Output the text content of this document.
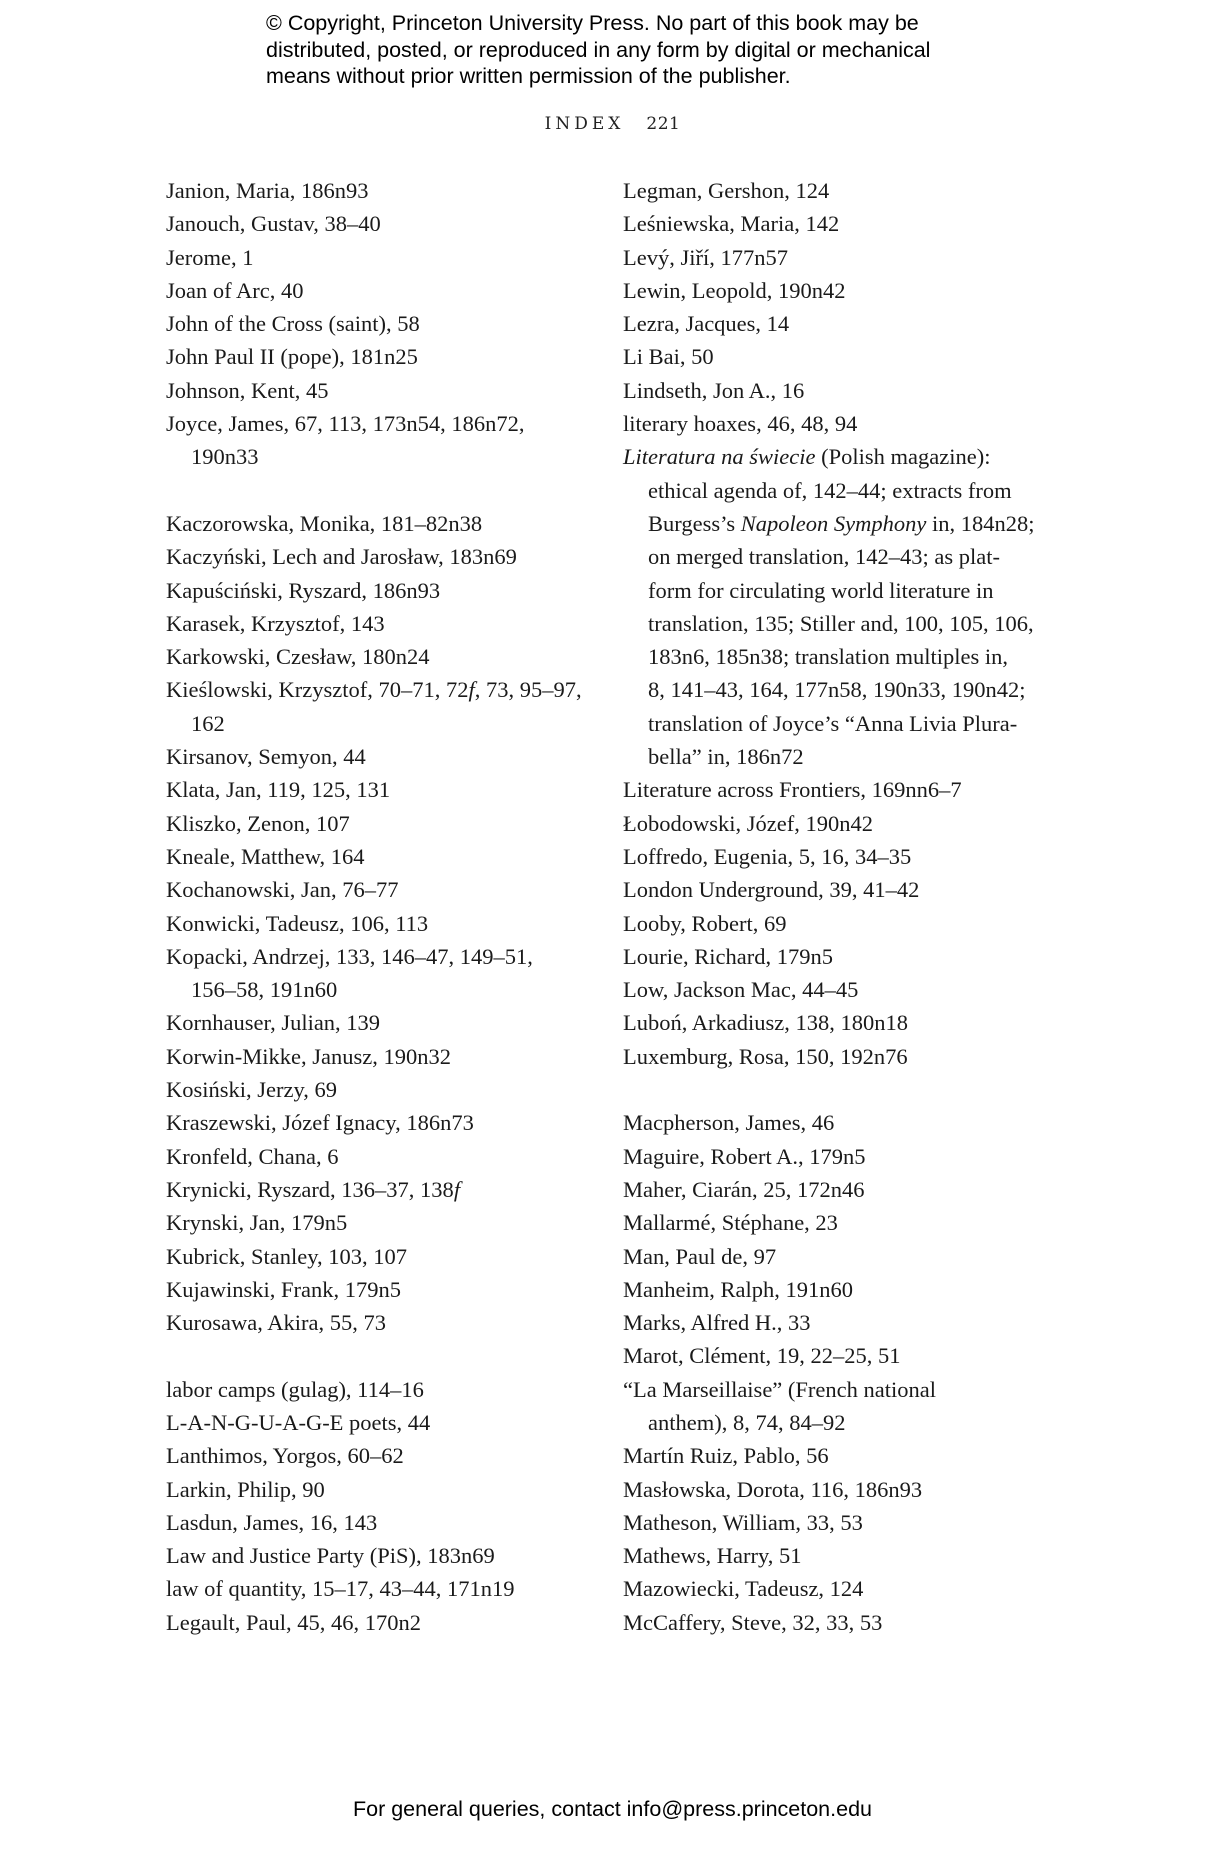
© Copyright, Princeton University Press. No part of this book may be
distributed, posted, or reproduced in any form by digital or mechanical
means without prior written permission of the publisher.
INDEX 221
Janion, Maria, 186n93
Janouch, Gustav, 38–40
Jerome, 1
Joan of Arc, 40
John of the Cross (saint), 58
John Paul II (pope), 181n25
Johnson, Kent, 45
Joyce, James, 67, 113, 173n54, 186n72,
190n33
Kaczorowska, Monika, 181–82n38
Kaczyński, Lech and Jarosław, 183n69
Kapuściński, Ryszard, 186n93
Karasek, Krzysztof, 143
Karkowski, Czesław, 180n24
Kieślowski, Krzysztof, 70–71, 72f, 73, 95–97,
162
Kirsanov, Semyon, 44
Klata, Jan, 119, 125, 131
Kliszko, Zenon, 107
Kneale, Matthew, 164
Kochanowski, Jan, 76–77
Konwicki, Tadeusz, 106, 113
Kopacki, Andrzej, 133, 146–47, 149–51,
156–58, 191n60
Kornhauser, Julian, 139
Korwin-Mikke, Janusz, 190n32
Kosiński, Jerzy, 69
Kraszewski, Józef Ignacy, 186n73
Kronfeld, Chana, 6
Krynicki, Ryszard, 136–37, 138f
Krynski, Jan, 179n5
Kubrick, Stanley, 103, 107
Kujawinski, Frank, 179n5
Kurosawa, Akira, 55, 73
labor camps (gulag), 114–16
L-A-N-G-U-A-G-E poets, 44
Lanthimos, Yorgos, 60–62
Larkin, Philip, 90
Lasdun, James, 16, 143
Law and Justice Party (PiS), 183n69
law of quantity, 15–17, 43–44, 171n19
Legault, Paul, 45, 46, 170n2
Legman, Gershon, 124
Leśniewska, Maria, 142
Levý, Jiří, 177n57
Lewin, Leopold, 190n42
Lezra, Jacques, 14
Li Bai, 50
Lindseth, Jon A., 16
literary hoaxes, 46, 48, 94
Literatura na świecie (Polish magazine):
ethical agenda of, 142–44; extracts from
Burgess’s Napoleon Symphony in, 184n28;
on merged translation, 142–43; as plat-
form for circulating world literature in
translation, 135; Stiller and, 100, 105, 106,
183n6, 185n38; translation multiples in,
8, 141–43, 164, 177n58, 190n33, 190n42;
translation of Joyce’s “Anna Livia Plura-
bella” in, 186n72
Literature across Frontiers, 169nn6–7
Łobodowski, Józef, 190n42
Loffredo, Eugenia, 5, 16, 34–35
London Underground, 39, 41–42
Looby, Robert, 69
Lourie, Richard, 179n5
Low, Jackson Mac, 44–45
Luboń, Arkadiusz, 138, 180n18
Luxemburg, Rosa, 150, 192n76
Macpherson, James, 46
Maguire, Robert A., 179n5
Maher, Ciarán, 25, 172n46
Mallarmé, Stéphane, 23
Man, Paul de, 97
Manheim, Ralph, 191n60
Marks, Alfred H., 33
Marot, Clément, 19, 22–25, 51
“La Marseillaise” (French national
anthem), 8, 74, 84–92
Martín Ruiz, Pablo, 56
Masłowska, Dorota, 116, 186n93
Matheson, William, 33, 53
Mathews, Harry, 51
Mazowiecki, Tadeusz, 124
McCaffery, Steve, 32, 33, 53
For general queries, contact info@press.princeton.edu
